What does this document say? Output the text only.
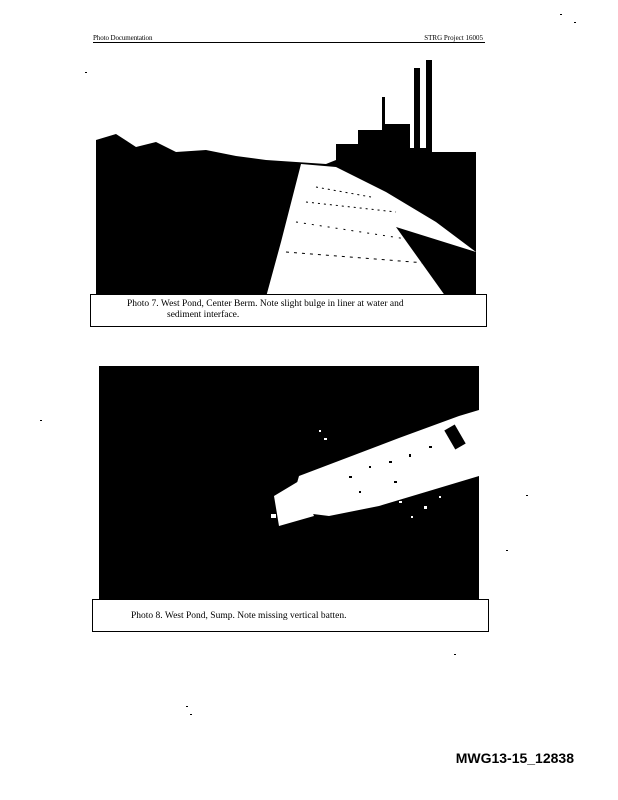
Photo Documentation	STRG Project 16005
Photo 7. West Pond, Center Berm. Note slight bulge in liner at water and
sediment interface.
Photo 8. West Pond, Sump. Note missing vertical batten.
MWG13-15_12838
